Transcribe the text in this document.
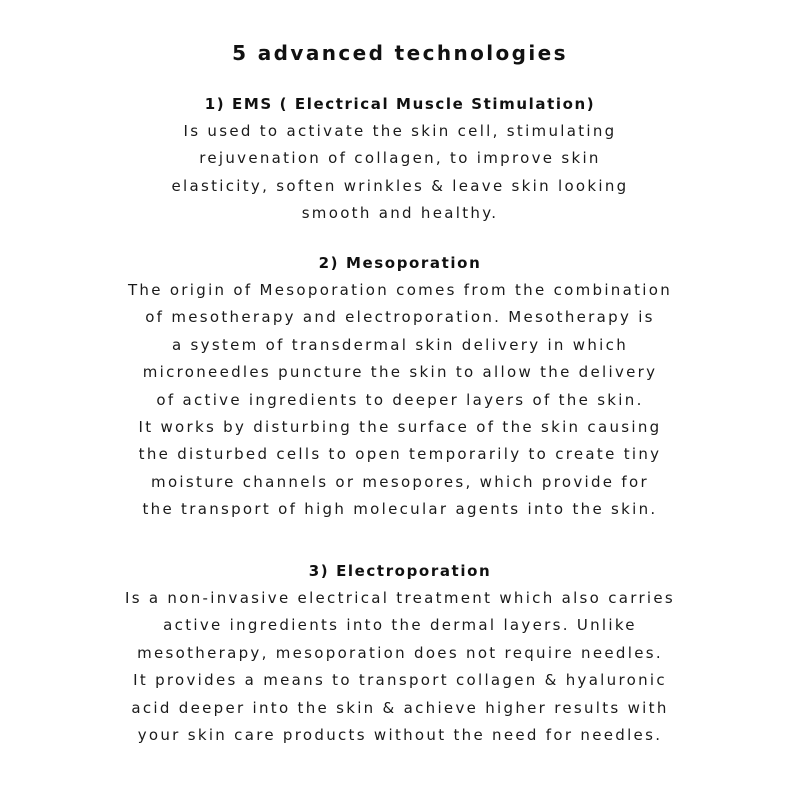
5 advanced technologies

1) EMS ( Electrical Muscle Stimulation)

Is used to activate the skin cell, stimulating

rejuvenation of collagen, to improve skin

elasticity, soften wrinkles & leave skin looking

smooth and healthy.

2) Mesoporation

The origin of Mesoporation comes from the combination

of mesotherapy and electroporation. Mesotherapy is

a system of transdermal skin delivery in which

microneedles puncture the skin to allow the delivery

of active ingredients to deeper layers of the skin.

It works by disturbing the surface of the skin causing

the disturbed cells to open temporarily to create tiny

moisture channels or mesopores, which provide for

the transport of high molecular agents into the skin.

3) Electroporation

Is a non-invasive electrical treatment which also carries

active ingredients into the dermal layers. Unlike

mesotherapy, mesoporation does not require needles.

It provides a means to transport collagen & hyaluronic

acid deeper into the skin & achieve higher results with

your skin care products without the need for needles.
